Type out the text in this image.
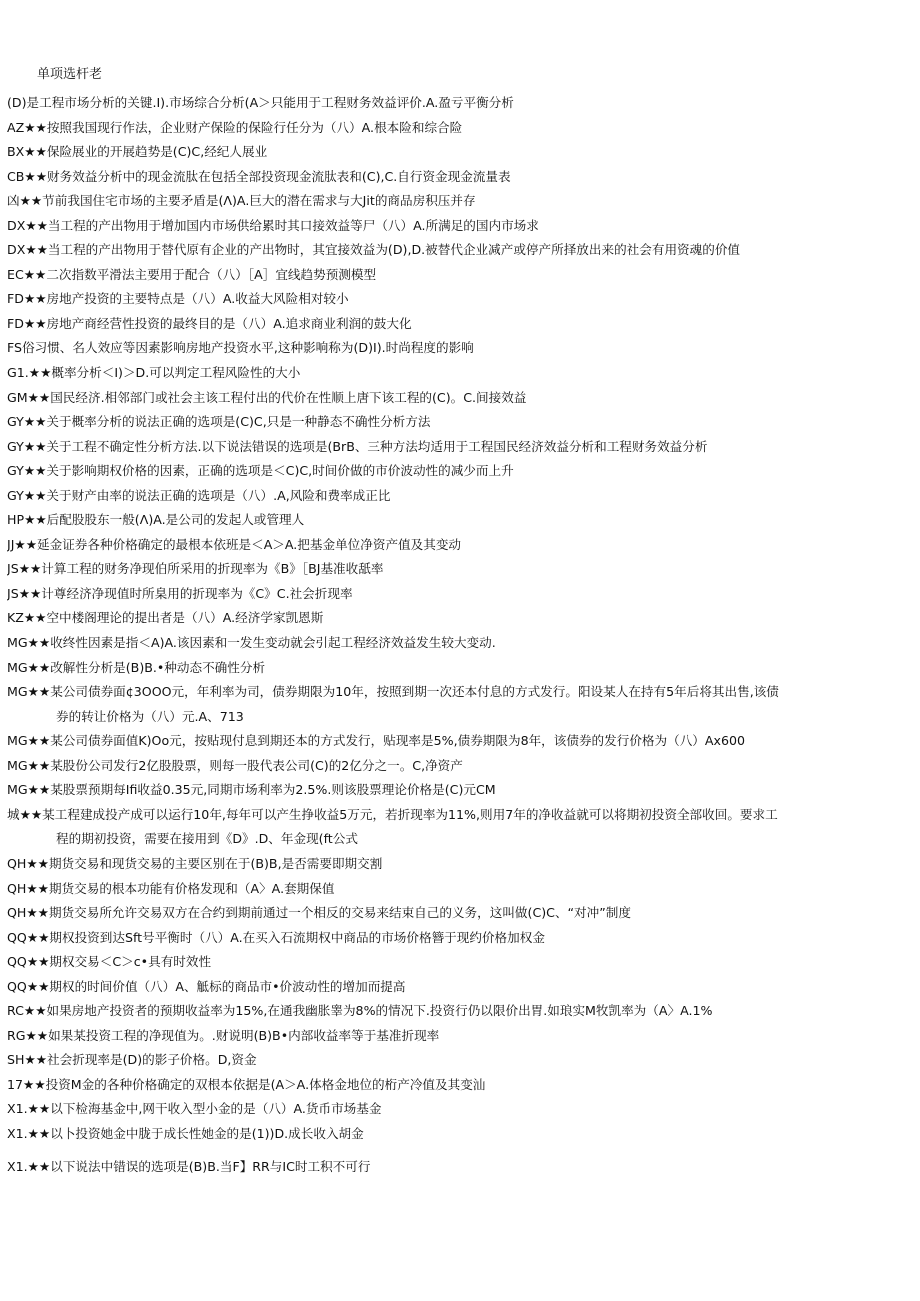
单项选杆老
(D)是工程市场分析的关键.I).市场综合分析(A＞只能用于工程财务效益评价.A.盈亏平衡分析
AZ★★按照我国现行作法，企业财产保险的保险行任分为（八）A.根本险和综合险
BX★★保险展业的开展趋势是(C)C,经纪人展业
CB★★财务效益分析中的现金流肽在包括全部投资现金流肽表和(C),C.自行资金现金流量表
凶★★节前我国住宅市场的主要矛盾是(Λ)A.巨大的潜在需求与大Jit的商品房积压并存
DX★★当工程的产出物用于增加国内市场供给累时其口接效益等尸（八）A.所满足的国内市场求
DX★★当工程的产出物用于替代原有企业的产出物时，其宜接效益为(D),D.被替代企业减产或停产所择放出来的社会有用资魂的价值
EC★★二次指数平滑法主要用于配合（八）［A］宜线趋势预测模型
FD★★房地产投资的主要特点是（八）A.收益大风险相对较小
FD★★房地产商经营性投资的最终目的是（八）A.追求商业利润的鼓大化
FS俗习惯、名人效应等因素影响房地产投资水平,这种影响称为(D)I).时尚程度的影响
G1.★★概率分析＜I)＞D.可以判定工程风险性的大小
GM★★国民经济.相邻部门或社会主该工程付出的代价在性顺上唐下该工程的(C)。C.间接效益
GY★★关于概率分析的说法正确的选项是(C)C,只是一种静态不确性分析方法
GY★★关于工程不确定性分析方法.以下说法错误的选项是(BrB、三种方法均适用于工程国民经济效益分析和工程财务效益分析
GY★★关于影响期权价格的因素，正确的选项是＜C)C,时间价做的市价波动性的减少而上升
GY★★关于财产由率的说法正确的选项是（八）.A,风险和费率成正比
HP★★后配股股东一般(Λ)A.是公司的发起人或管理人
JJ★★延金证券各种价格确定的最根本依班是＜A＞A.把基金单位净资产值及其变动
JS★★计算工程的财务净现伯所采用的折现率为《B》［BJ基准收舐率
JS★★计尊经济净现值时所臬用的折现率为《C》C.社会折现率
KZ★★空中楼阁理论的提出者是（八）A.经济学家凯恩斯
MG★★收终性因素是指＜A)A.该因素和一发生变动就会引起工程经济效益发生较大变动.
MG★★改解性分析是(B)B.•种动态不确性分析
MG★★某公司债券面¢3OOO元，年利率为司，债券期限为10年，按照到期一次还本付息的方式发行。阳设某人在持有5年后将其出售,该债
券的转让价格为（八）元.A、713
MG★★某公司债券面值K)Oo元，按贴现付息到期还本的方式发行，贴现率是5%,债券期限为8年，该债券的发行价格为（八）Ax600
MG★★某股份公司发行2亿股股票，则每一股代表公司(C)的2亿分之一。C,净资产
MG★★某股票预期每Ifi收益0.35元,同期市场利率为2.5%.则该股票理论价格是(C)元CM
城★★某工程建成投产成可以运行10年,每年可以产生挣收益5万元，若折现率为11%,则用7年的净收益就可以将期初投资全部收回。要求工
程的期初投资，需要在接用到《D》.D、年金现(ft公式
QH★★期货交易和现货交易的主要区别在于(B)B,是否需要即期交割
QH★★期货交易的根本功能有价格发现和（A〉A.套期保值
QH★★期货交易所允许交易双方在合约到期前通过一个相反的交易来结束自己的义务，这叫做(C)C、“对冲”制度
QQ★★期权投资到达Sft号平衡时（八）A.在买入石流期权中商品的市场价格簪于现约价格加权金
QQ★★期权交易＜C＞c•具有时效性
QQ★★期权的时间价值（八）A、觝标的商品市•价波动性的增加而提高
RC★★如果房地产投资者的预期收益率为15%,在通我幽胀睾为8%的情况下.投资行仍以限价出胃.如琅实M牧凯率为（A〉A.1%
RG★★如果某投资工程的净现值为。.财说明(B)B•内部收益率等于基准折现率
SH★★社会折现率是(D)的影子价格。D,资金
17★★投资M金的各种价格确定的双根本依据是(A＞A.体格金地位的桁产冷值及其变汕
X1.★★以下检海基金中,网干收入型小金的是（八）A.货币市场基金
X1.★★以卜投资她金中胧于成长性她金的是(1))D.成长收入胡金
X1.★★以下说法中错误的选项是(B)B.当F】RR与IC时工积不可行
